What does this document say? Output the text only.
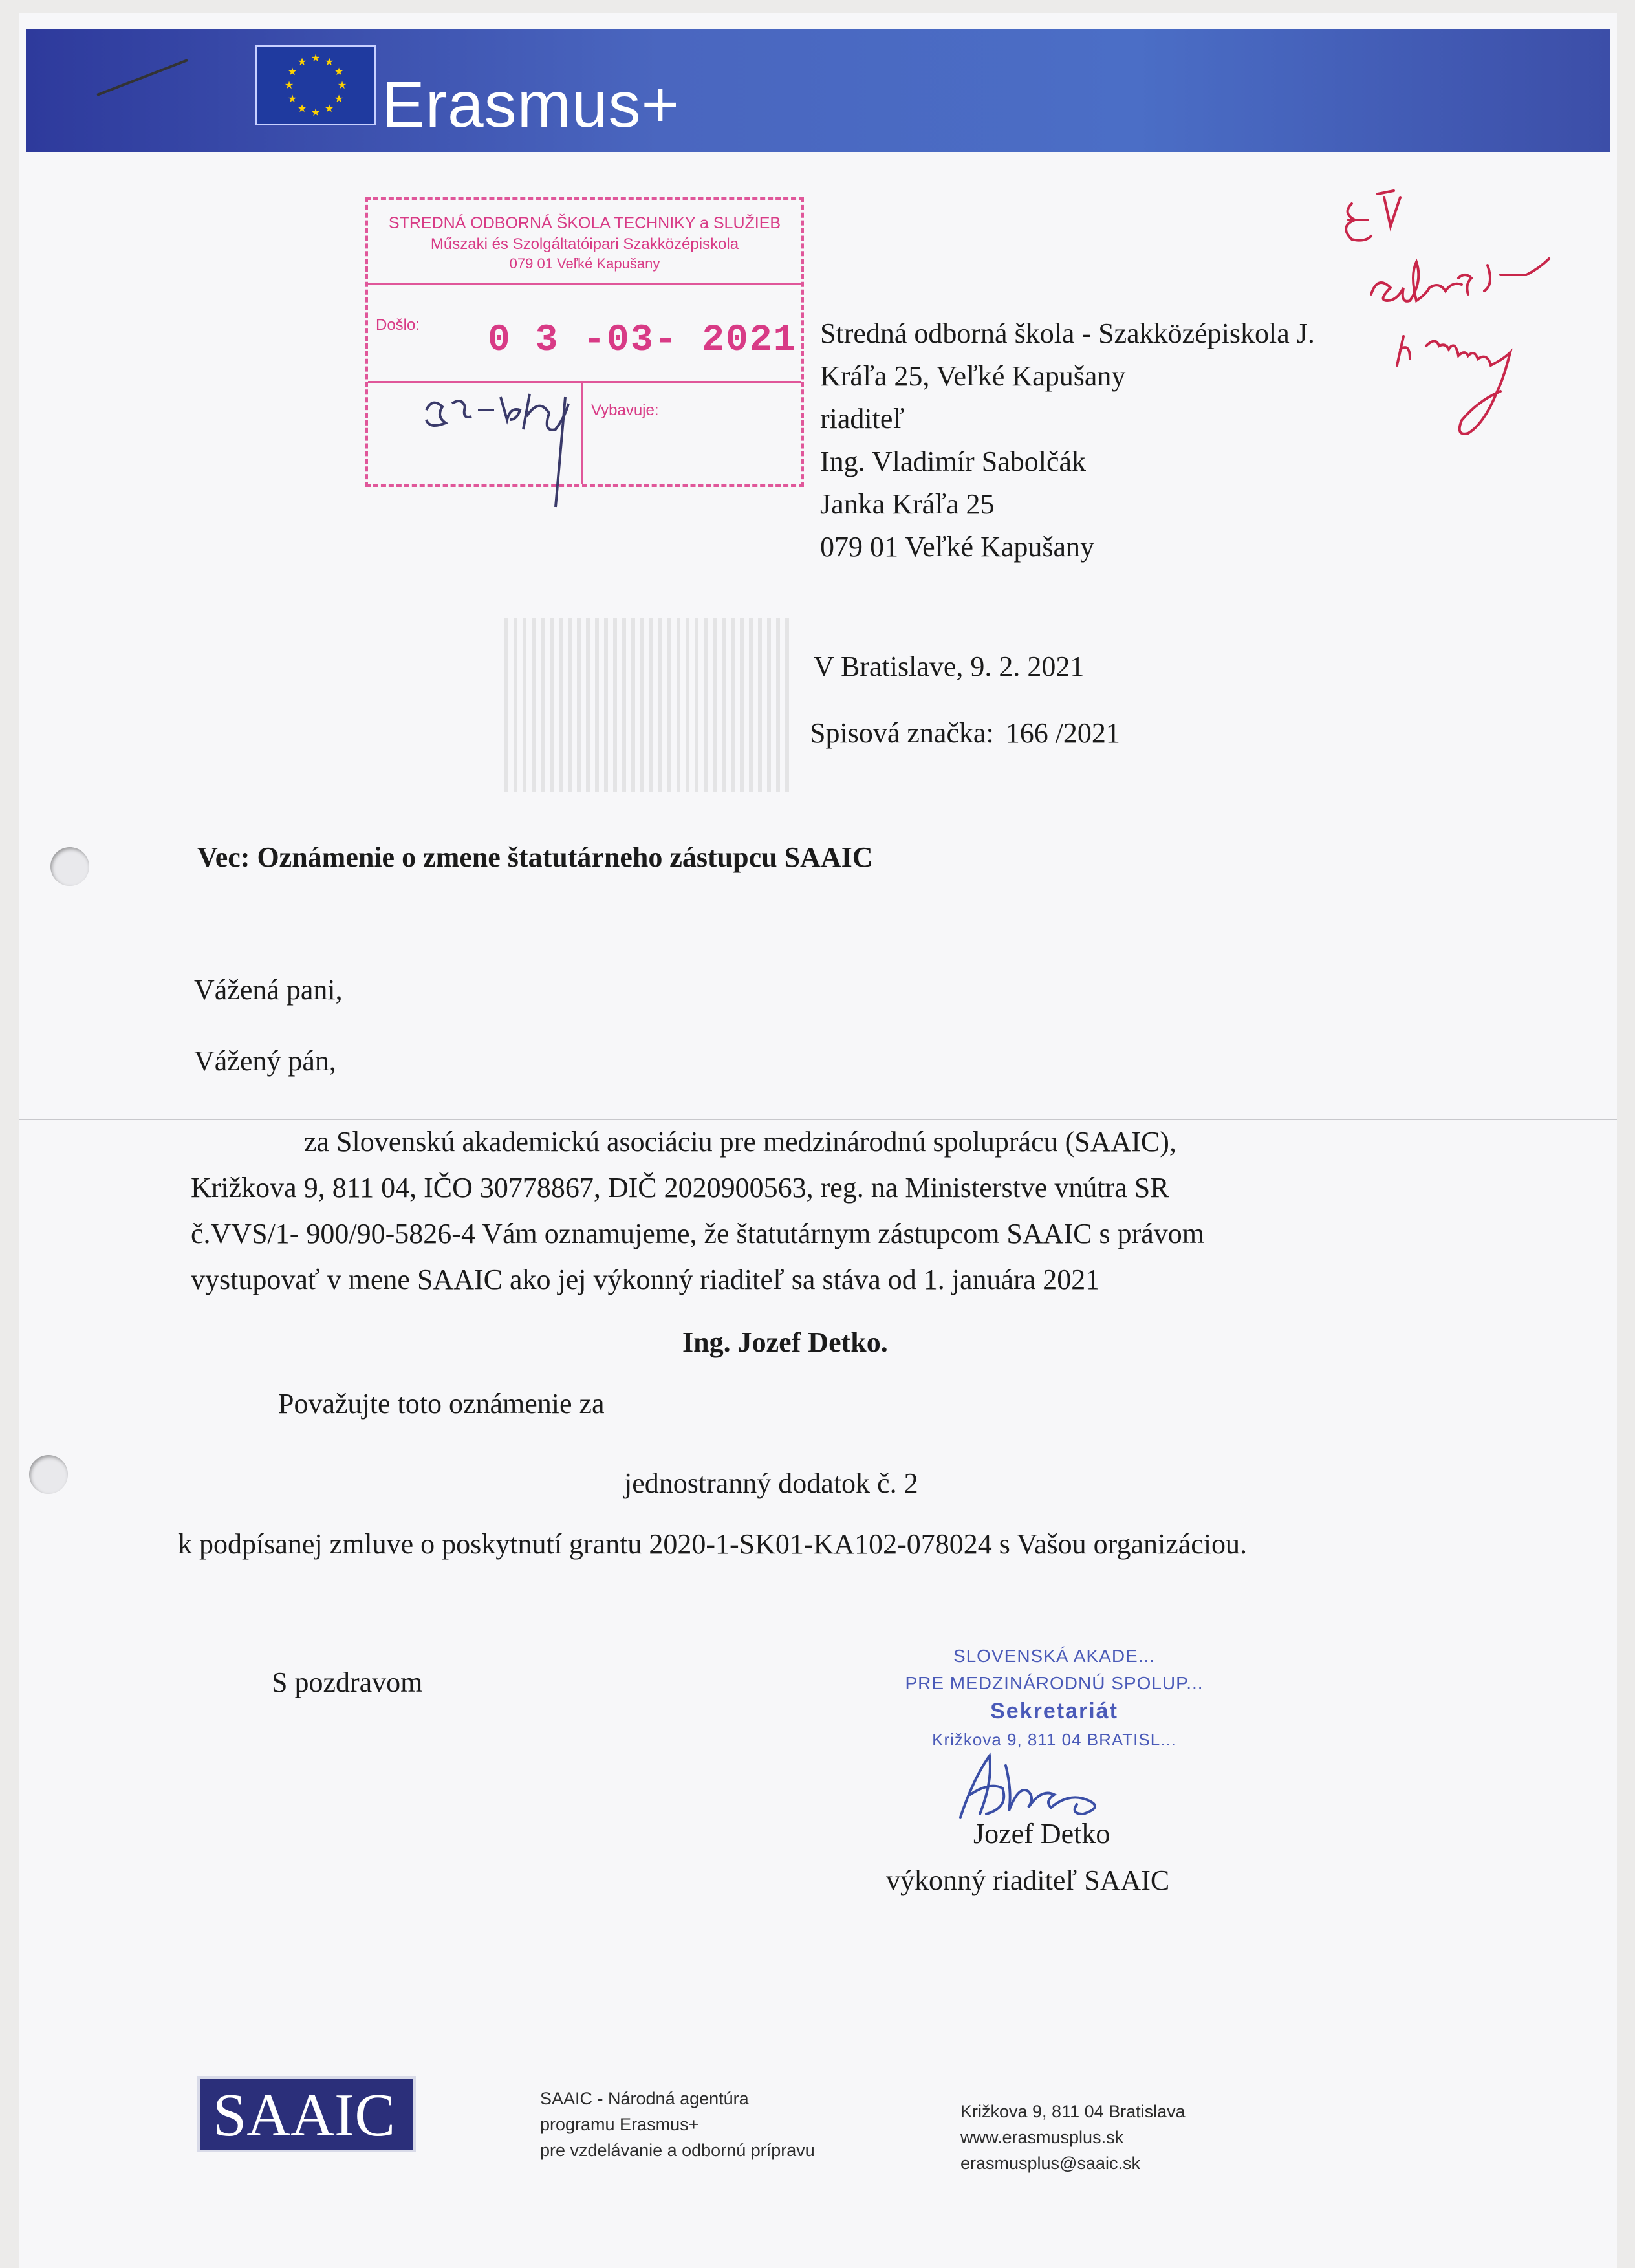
★ ★
★
★
★
★
★
★
★
★
★
★
Erasmus+
STREDNÁ ODBORNÁ ŠKOLA TECHNIKY a SLUŽIEB
Műszaki és Szolgáltatóipari Szakközépiskola
079 01 Veľké Kapušany
Došlo: 0 3 -03- 2021
Vybavuje:
Stredná odborná škola - Szakközépiskola J.
Kráľa 25, Veľké Kapušany
riaditeľ
Ing. Vladimír Sabolčák
Janka Kráľa 25
079 01 Veľké Kapušany
V Bratislave, 9. 2. 2021
Spisová značka: 166 /2021
Vec: Oznámenie o zmene štatutárneho zástupcu SAAIC
Vážená pani,
Vážený pán,
za Slovenskú akademickú asociáciu pre medzinárodnú spoluprácu (SAAIC),
Križkova 9, 811 04, IČO 30778867, DIČ 2020900563, reg. na Ministerstve vnútra SR
č.VVS/1- 900/90-5826-4 Vám oznamujeme, že štatutárnym zástupcom SAAIC s právom
vystupovať v mene SAAIC ako jej výkonný riaditeľ sa stáva od 1. januára 2021
Ing. Jozef Detko.
Považujte toto oznámenie za
jednostranný dodatok č. 2
k podpísanej zmluve o poskytnutí grantu 2020-1-SK01-KA102-078024 s Vašou organizáciou.
S pozdravom
SLOVENSKÁ AKADE...
PRE MEDZINÁRODNÚ SPOLUP...
Sekretariát
Križkova 9, 811 04 BRATISL...
Jozef Detko
výkonný riaditeľ SAAIC
SAAIC	SAAIC - Národná agentúra
programu Erasmus+
pre vzdelávanie a odbornú prípravu
Križkova 9, 811 04 Bratislava
www.erasmusplus.sk
erasmusplus@saaic.sk
